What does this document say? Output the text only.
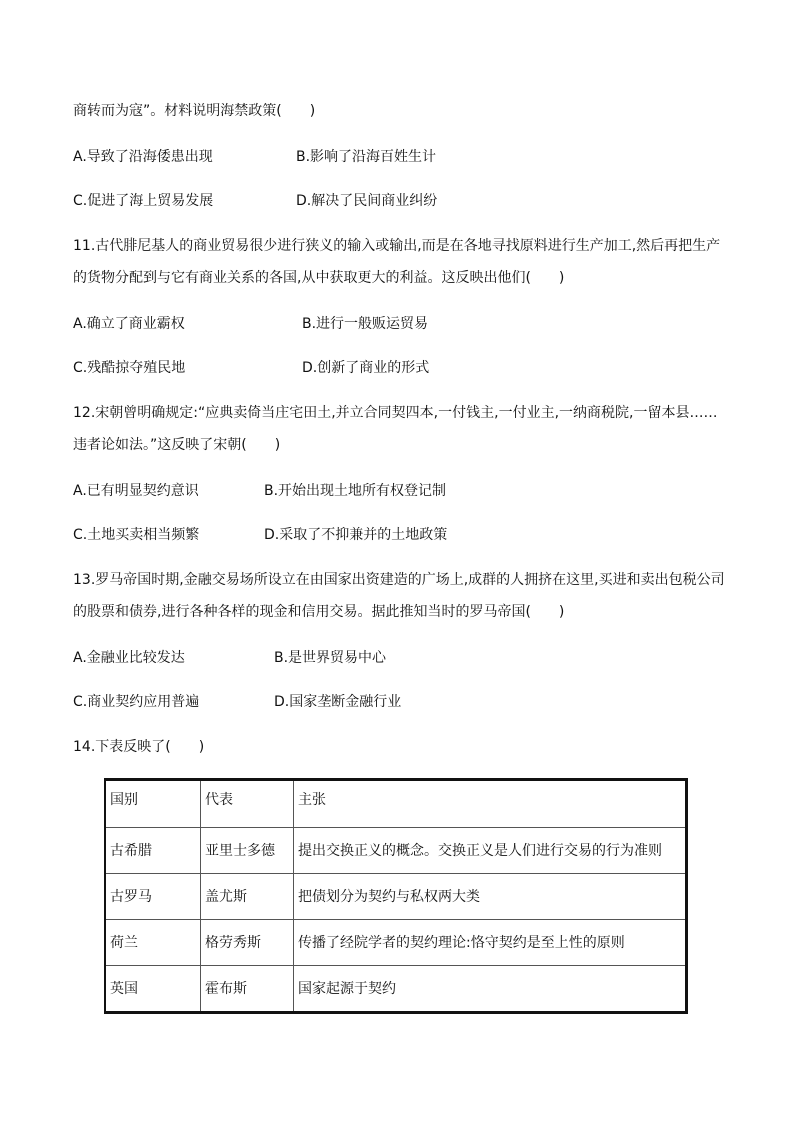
商转而为寇”。材料说明海禁政策(　　)
A.导致了沿海倭患出现	B.影响了沿海百姓生计
C.促进了海上贸易发展	D.解决了民间商业纠纷
11.古代腓尼基人的商业贸易很少进行狭义的输入或输出,而是在各地寻找原料进行生产加工,然后再把生产
的货物分配到与它有商业关系的各国,从中获取更大的利益。这反映出他们(　　)
A.确立了商业霸权	B.进行一般贩运贸易
C.残酷掠夺殖民地	D.创新了商业的形式
12.宋朝曾明确规定:“应典卖倚当庄宅田土,并立合同契四本,一付钱主,一付业主,一纳商税院,一留本县……
违者论如法。”这反映了宋朝(　　)
A.已有明显契约意识	B.开始出现土地所有权登记制
C.土地买卖相当频繁	D.采取了不抑兼并的土地政策
13.罗马帝国时期,金融交易场所设立在由国家出资建造的广场上,成群的人拥挤在这里,买进和卖出包税公司
的股票和债券,进行各种各样的现金和信用交易。据此推知当时的罗马帝国(　　)
A.金融业比较发达	B.是世界贸易中心
C.商业契约应用普遍	D.国家垄断金融行业
14.下表反映了(　　)
国别	代表	主张
古希腊	亚里士多德	提出交换正义的概念。交换正义是人们进行交易的行为准则
古罗马	盖尤斯	把债划分为契约与私权两大类
荷兰	格劳秀斯	传播了经院学者的契约理论:恪守契约是至上性的原则
英国	霍布斯	国家起源于契约
